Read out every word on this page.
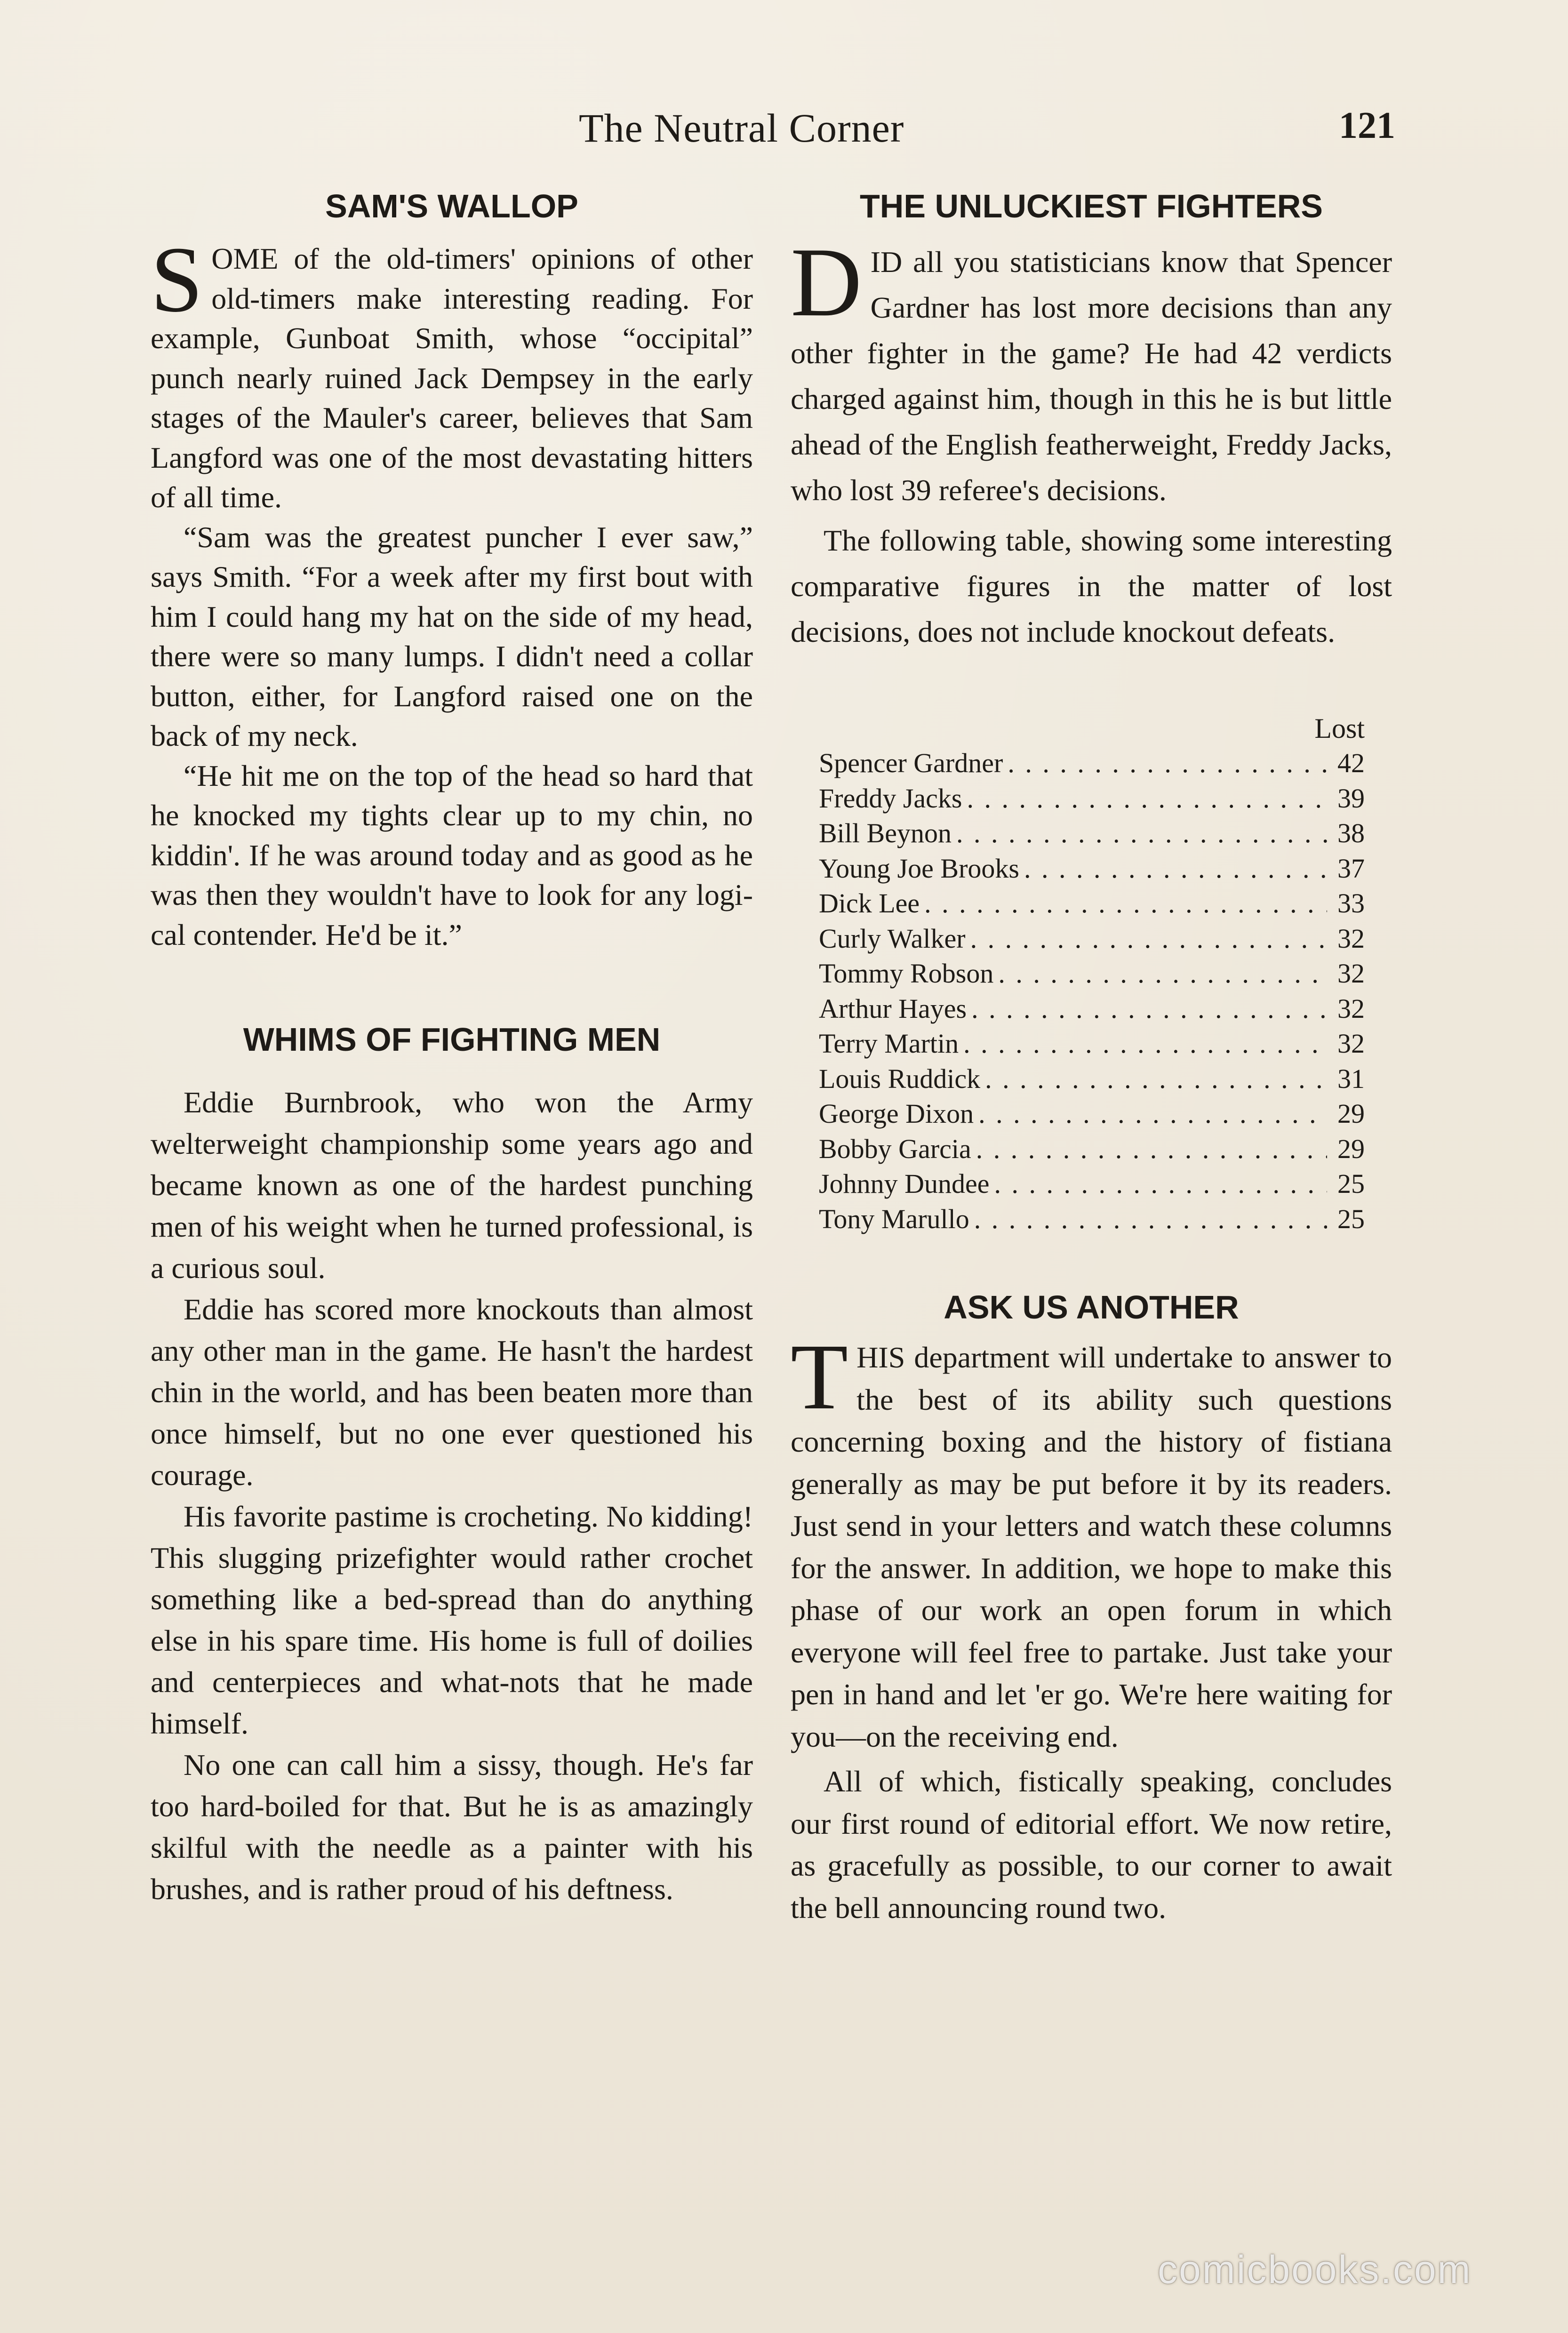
The Neutral Corner	121
SAM'S WALLOP

SOME of the old-timers' opinions of other old-timers make interesting reading. For example, Gunboat Smith, whose “occipital” punch nearly ruined Jack Dempsey in the early stages of the Mauler's career, believes that Sam Langford was one of the most devastating hitters of all time.

“Sam was the greatest puncher I ever saw,” says Smith. “For a week after my first bout with him I could hang my hat on the side of my head, there were so many lumps. I didn't need a collar button, either, for Langford raised one on the back of my neck.

“He hit me on the top of the head so hard that he knocked my tights clear up to my chin, no kiddin'. If he was around today and as good as he was then they wouldn't have to look for any logical contender. He'd be it.”

WHIMS OF FIGHTING MEN

Eddie Burnbrook, who won the Army welterweight championship some years ago and became known as one of the hardest punching men of his weight when he turned professional, is a curious soul.

Eddie has scored more knockouts than almost any other man in the game. He hasn't the hardest chin in the world, and has been beaten more than once himself, but no one ever questioned his courage.

His favorite pastime is crocheting. No kidding! This slugging prizefighter would rather crochet something like a bed-spread than do anything else in his spare time. His home is full of doilies and centerpieces and what-nots that he made himself.

No one can call him a sissy, though. He's far too hard-boiled for that. But he is as amazingly skilful with the needle as a painter with his brushes, and is rather proud of his deftness.

THE UNLUCKIEST FIGHTERS

DID all you statisticians know that Spencer Gardner has lost more decisions than any other fighter in the game? He had 42 verdicts charged against him, though in this he is but little ahead of the English featherweight, Freddy Jacks, who lost 39 referee's decisions.

The following table, showing some interesting comparative figures in the matter of lost decisions, does not include knockout defeats.

Lost
Spencer Gardner . . .	42
Freddy Jacks . . .	39
Bill Beynon . . .	38
Young Joe Brooks . . .	37
Dick Lee . . .	33
Curly Walker . . .	32
Tommy Robson . . .	32
Arthur Hayes . . .	32
Terry Martin . . .	32
Louis Ruddick . . .	31
George Dixon . . .	29
Bobby Garcia . . .	29
Johnny Dundee . . .	25
Tony Marullo . . .	25
ASK US ANOTHER

THIS department will undertake to answer to the best of its ability such questions concerning boxing and the history of fistiana generally as may be put before it by its readers. Just send in your letters and watch these columns for the answer. In addition, we hope to make this phase of our work an open forum in which everyone will feel free to partake. Just take your pen in hand and let 'er go. We're here waiting for you—on the receiving end.

All of which, fistically speaking, concludes our first round of editorial effort. We now retire, as gracefully as possible, to our corner to await the bell announcing round two.

comicbooks.com
